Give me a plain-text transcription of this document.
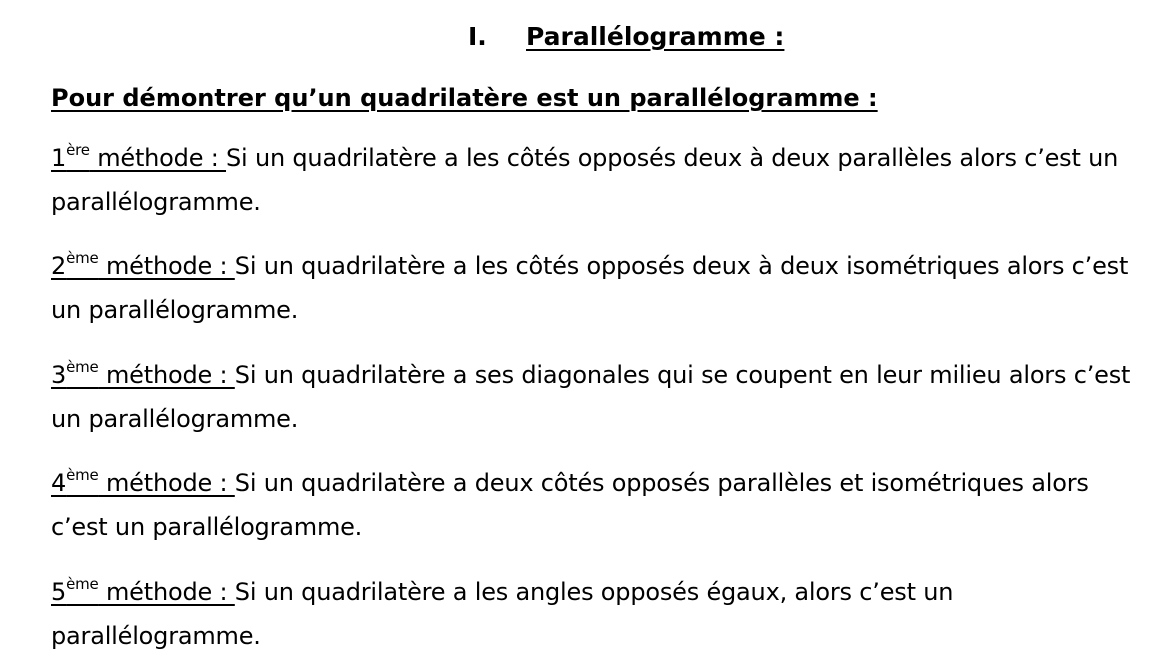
I. Parallélogramme :
Pour démontrer qu’un quadrilatère est un parallélogramme :
1ère méthode : Si un quadrilatère a les côtés opposés deux à deux parallèles alors c’est un parallélogramme.
2ème méthode : Si un quadrilatère a les côtés opposés deux à deux isométriques alors c’est un parallélogramme.
3ème méthode : Si un quadrilatère a ses diagonales qui se coupent en leur milieu alors c’est un parallélogramme.
4ème méthode : Si un quadrilatère a deux côtés opposés parallèles et isométriques alors c’est un parallélogramme.
5ème méthode : Si un quadrilatère a les angles opposés égaux, alors c’est un parallélogramme.
